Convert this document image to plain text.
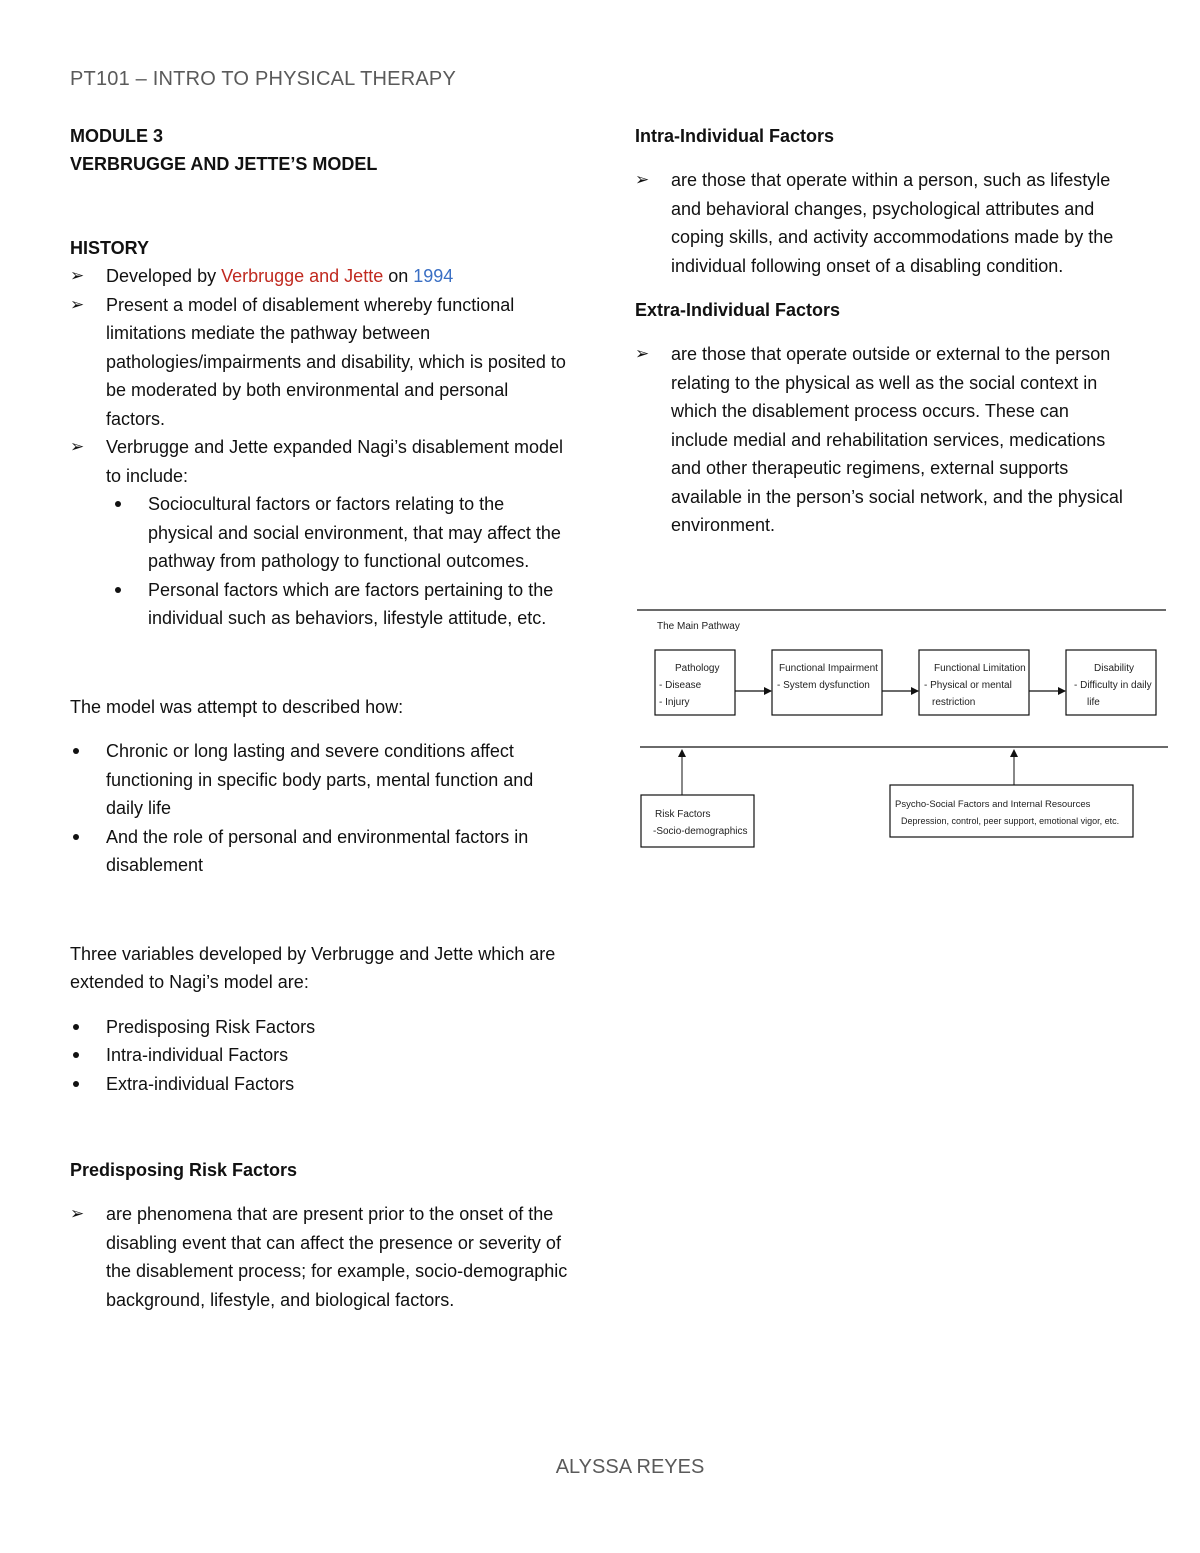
PT101 – INTRO TO PHYSICAL THERAPY
MODULE 3
VERBRUGGE AND JETTE’S MODEL
HISTORY
➢ Developed by Verbrugge and Jette on 1994
➢ Present a model of disablement whereby functional limitations mediate the pathway between pathologies/impairments and disability, which is posited to be moderated by both environmental and personal factors.
➢ Verbrugge and Jette expanded Nagi’s disablement model to include:
Sociocultural factors or factors relating to the physical and social environment, that may affect the pathway from pathology to functional outcomes.
Personal factors which are factors pertaining to the individual such as behaviors, lifestyle attitude, etc.

The model was attempt to described how:

Chronic or long lasting and severe conditions affect functioning in specific body parts, mental function and daily life
And the role of personal and environmental factors in disablement

Three variables developed by Verbrugge and Jette which are extended to Nagi’s model are:

Predisposing Risk Factors
Intra-individual Factors
Extra-individual Factors
Predisposing Risk Factors
➢ are phenomena that are present prior to the onset of the disabling event that can affect the presence or severity of the disablement process; for example, socio-demographic background, lifestyle, and biological factors.
Intra-Individual Factors
➢ are those that operate within a person, such as lifestyle and behavioral changes, psychological attributes and coping skills, and activity accommodations made by the individual following onset of a disabling condition.
Extra-Individual Factors
➢ are those that operate outside or external to the person relating to the physical as well as the social context in which the disablement process occurs. These can include medial and rehabilitation services, medications and other therapeutic regimens, external supports available in the person’s social network, and the physical environment.
The Main Pathway
Pathology
- Disease
- Injury
Functional Impairment
- System dysfunction
Functional Limitation
- Physical or mental
restriction
Disability
- Difficulty in daily
life
Risk Factors
-Socio-demographics
Psycho-Social Factors and Internal Resources
Depression, control, peer support, emotional vigor, etc.
ALYSSA REYES
